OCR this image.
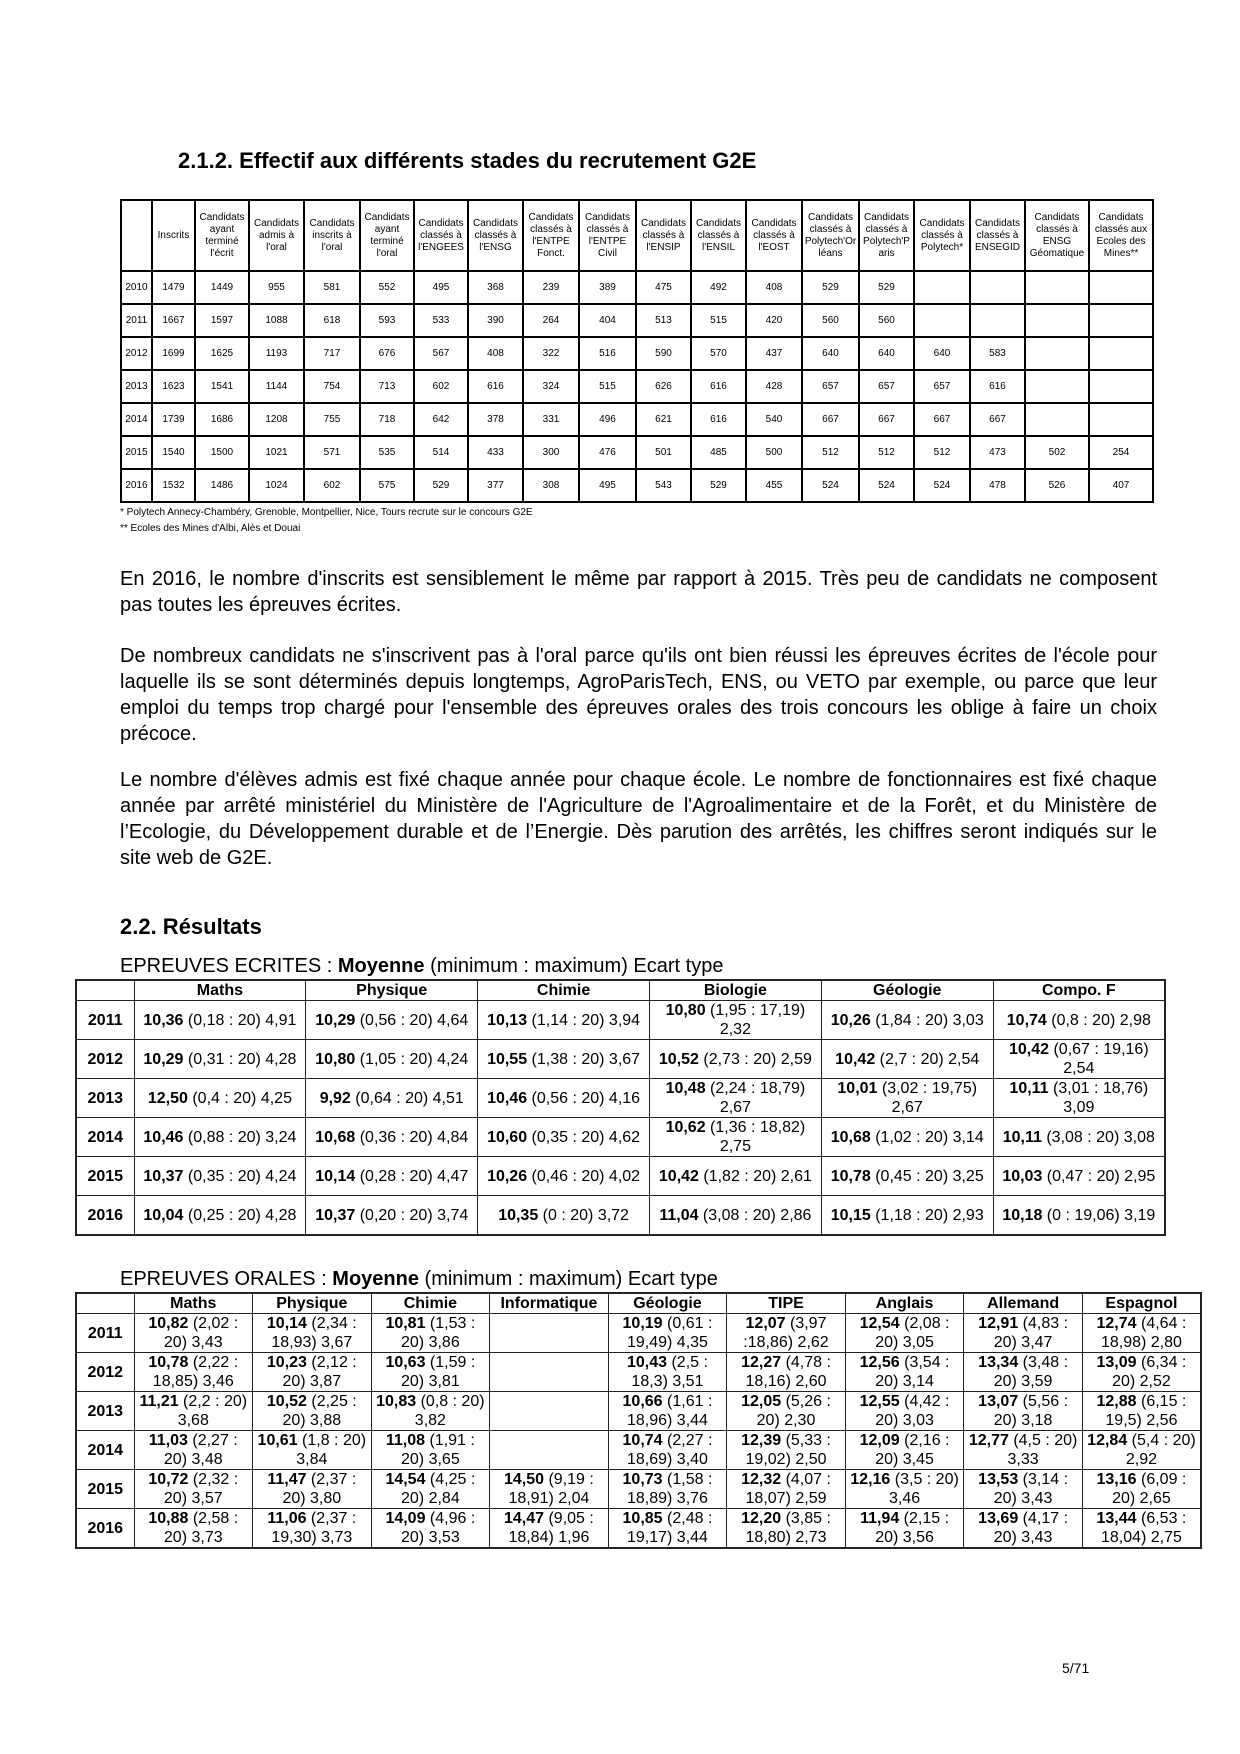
2.1.2. Effectif aux différents stades du recrutement G2E
	Inscrits	Candidats ayant terminé l'écrit	Candidats admis à l'oral	Candidats inscrits à l'oral	Candidats ayant terminé l'oral	Candidats classés à l'ENGEES	Candidats classés à l'ENSG	Candidats classés à l'ENTPE Fonct.	Candidats classés à l'ENTPE Civil	Candidats classés à l'ENSIP	Candidats classés à l'ENSIL	Candidats classés à l'EOST	Candidats classés à Polytech'Orléans	Candidats classés à Polytech'Paris	Candidats classés à Polytech*	Candidats classés à ENSEGID	Candidats classés à ENSG Géomatique	Candidats classés aux Ecoles des Mines**
2010	1479	1449	955	581	552	495	368	239	389	475	492	408	529	529				
2011	1667	1597	1088	618	593	533	390	264	404	513	515	420	560	560				
2012	1699	1625	1193	717	676	567	408	322	516	590	570	437	640	640	640	583		
2013	1623	1541	1144	754	713	602	616	324	515	626	616	428	657	657	657	616		
2014	1739	1686	1208	755	718	642	378	331	496	621	616	540	667	667	667	667		
2015	1540	1500	1021	571	535	514	433	300	476	501	485	500	512	512	512	473	502	254
2016	1532	1486	1024	602	575	529	377	308	495	543	529	455	524	524	524	478	526	407
* Polytech Annecy-Chambéry, Grenoble, Montpellier, Nice, Tours recrute sur le concours G2E
** Ecoles des Mines d'Albi, Alès et Douai

En 2016, le nombre d'inscrits est sensiblement le même par rapport à 2015. Très peu de candidats ne composent pas toutes les épreuves écrites.

De nombreux candidats ne s'inscrivent pas à l'oral parce qu'ils ont bien réussi les épreuves écrites de l'école pour laquelle ils se sont déterminés depuis longtemps, AgroParisTech, ENS, ou VETO par exemple, ou parce que leur emploi du temps trop chargé pour l'ensemble des épreuves orales des trois concours les oblige à faire un choix précoce.

Le nombre d'élèves admis est fixé chaque année pour chaque école. Le nombre de fonctionnaires est fixé chaque année par arrêté ministériel du Ministère de l'Agriculture de l'Agroalimentaire et de la Forêt, et du Ministère de l’Ecologie, du Développement durable et de l’Energie. Dès parution des arrêtés, les chiffres seront indiqués sur le site web de G2E.

2.2. Résultats
EPREUVES ECRITES : Moyenne (minimum : maximum) Ecart type
	Maths	Physique	Chimie	Biologie	Géologie	Compo. F
2011	10,36 (0,18 : 20) 4,91	10,29 (0,56 : 20) 4,64	10,13 (1,14 : 20) 3,94	10,80 (1,95 : 17,19) 2,32	10,26 (1,84 : 20) 3,03	10,74 (0,8 : 20) 2,98
2012	10,29 (0,31 : 20) 4,28	10,80 (1,05 : 20) 4,24	10,55 (1,38 : 20) 3,67	10,52 (2,73 : 20) 2,59	10,42 (2,7 : 20) 2,54	10,42 (0,67 : 19,16) 2,54
2013	12,50 (0,4 : 20) 4,25	9,92 (0,64 : 20) 4,51	10,46 (0,56 : 20) 4,16	10,48 (2,24 : 18,79) 2,67	10,01 (3,02 : 19,75) 2,67	10,11 (3,01 : 18,76) 3,09
2014	10,46 (0,88 : 20) 3,24	10,68 (0,36 : 20) 4,84	10,60 (0,35 : 20) 4,62	10,62 (1,36 : 18,82) 2,75	10,68 (1,02 : 20) 3,14	10,11 (3,08 : 20) 3,08
2015	10,37 (0,35 : 20) 4,24	10,14 (0,28 : 20) 4,47	10,26 (0,46 : 20) 4,02	10,42 (1,82 : 20) 2,61	10,78 (0,45 : 20) 3,25	10,03 (0,47 : 20) 2,95
2016	10,04 (0,25 : 20) 4,28	10,37 (0,20 : 20) 3,74	10,35 (0 : 20) 3,72	11,04 (3,08 : 20) 2,86	10,15 (1,18 : 20) 2,93	10,18 (0 : 19,06) 3,19
EPREUVES ORALES : Moyenne (minimum : maximum) Ecart type
	Maths	Physique	Chimie	Informatique	Géologie	TIPE	Anglais	Allemand	Espagnol
2011	10,82 (2,02 : 20) 3,43	10,14 (2,34 : 18,93) 3,67	10,81 (1,53 : 20) 3,86		10,19 (0,61 : 19,49) 4,35	12,07 (3,97 :18,86) 2,62	12,54 (2,08 : 20) 3,05	12,91 (4,83 : 20) 3,47	12,74 (4,64 : 18,98) 2,80
2012	10,78 (2,22 : 18,85) 3,46	10,23 (2,12 : 20) 3,87	10,63 (1,59 : 20) 3,81		10,43 (2,5 : 18,3) 3,51	12,27 (4,78 : 18,16) 2,60	12,56 (3,54 : 20) 3,14	13,34 (3,48 : 20) 3,59	13,09 (6,34 : 20) 2,52
2013	11,21 (2,2 : 20) 3,68	10,52 (2,25 : 20) 3,88	10,83 (0,8 : 20) 3,82		10,66 (1,61 : 18,96) 3,44	12,05 (5,26 : 20) 2,30	12,55 (4,42 : 20) 3,03	13,07 (5,56 : 20) 3,18	12,88 (6,15 : 19,5) 2,56
2014	11,03 (2,27 : 20) 3,48	10,61 (1,8 : 20) 3,84	11,08 (1,91 : 20) 3,65		10,74 (2,27 : 18,69) 3,40	12,39 (5,33 : 19,02) 2,50	12,09 (2,16 : 20) 3,45	12,77 (4,5 : 20) 3,33	12,84 (5,4 : 20) 2,92
2015	10,72 (2,32 : 20) 3,57	11,47 (2,37 : 20) 3,80	14,54 (4,25 : 20) 2,84	14,50 (9,19 : 18,91) 2,04	10,73 (1,58 : 18,89) 3,76	12,32 (4,07 : 18,07) 2,59	12,16 (3,5 : 20) 3,46	13,53 (3,14 : 20) 3,43	13,16 (6,09 : 20) 2,65
2016	10,88 (2,58 : 20) 3,73	11,06 (2,37 : 19,30) 3,73	14,09 (4,96 : 20) 3,53	14,47 (9,05 : 18,84) 1,96	10,85 (2,48 : 19,17) 3,44	12,20 (3,85 : 18,80) 2,73	11,94 (2,15 : 20) 3,56	13,69 (4,17 : 20) 3,43	13,44 (6,53 : 18,04) 2,75
5/71
